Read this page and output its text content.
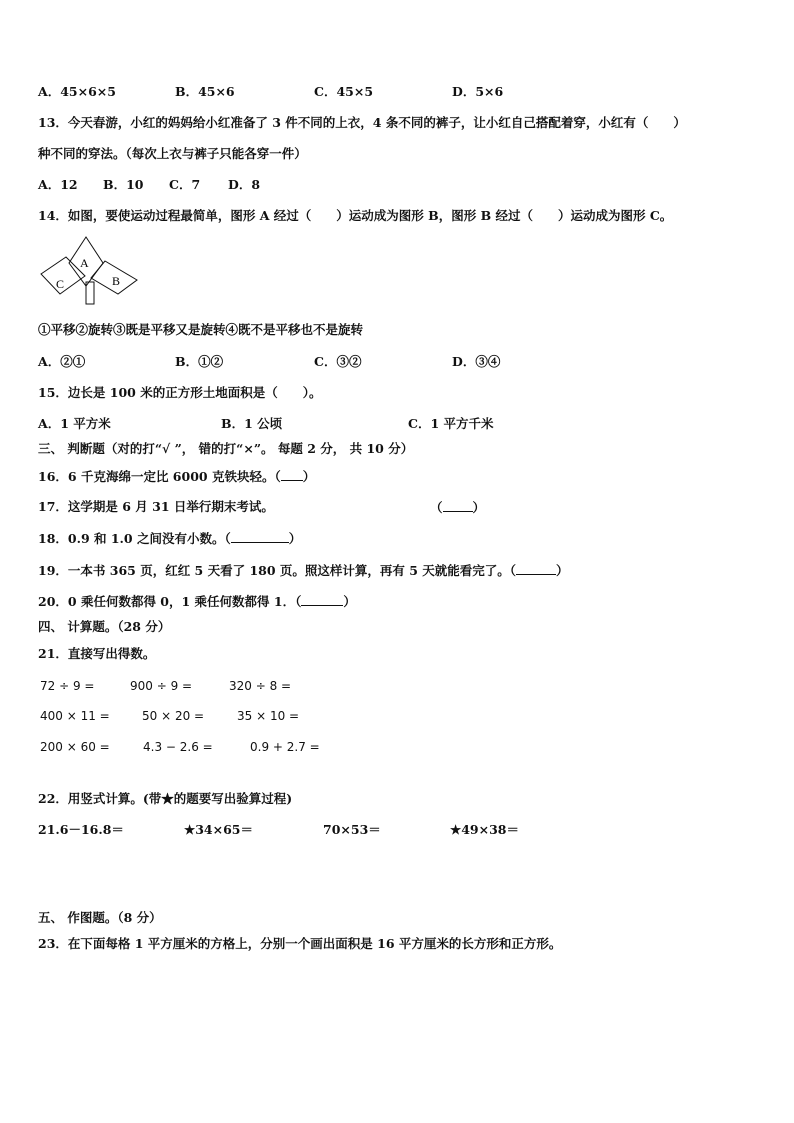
A．45×6×5	B．45×6	C．45×5	D．5×6
13．今天春游，小红的妈妈给小红准备了 3 件不同的上衣，4 条不同的裤子，让小红自己搭配着穿，小红有（　　）
种不同的穿法。（每次上衣与裤子只能各穿一件）
A．12 B．10 C．7 D．8
14．如图，要使运动过程最简单，图形 A 经过（　　）运动成为图形 B，图形 B 经过（　　）运动成为图形 C。
A
B
C
①平移②旋转③既是平移又是旋转④既不是平移也不是旋转
A．②①	B．①②	C．③②	D．③④
15．边长是 100 米的正方形土地面积是（　　）。
A．1 平方米	B．1 公顷	C．1 平方千米
三、 判断题（对的打“√ ”， 错的打“×”。 每题 2 分， 共 10 分）
16．6 千克海绵一定比 6000 克铁块轻。（ ）
17．这学期是 6 月 31 日举行期末考试。	（ ）
18．0.9 和 1.0 之间没有小数。（	）
19．一本书 365 页，红红 5 天看了 180 页。照这样计算，再有 5 天就能看完了。（	）
20．0 乘任何数都得 0，1 乘任何数都得 1．（	）
四、 计算题。（28 分）
21．直接写出得数。
72 ÷ 9 =	900 ÷ 9 =	320 ÷ 8 =
400 × 11 =	50 × 20 =	35 × 10 =
200 × 60 =	4.3 − 2.6 =	0.9 + 2.7 =
22．用竖式计算。(带★的题要写出验算过程)
21.6－16.8＝	★34×65＝	70×53＝	★49×38＝
五、 作图题。（8 分）
23．在下面每格 1 平方厘米的方格上，分别一个画出面积是 16 平方厘米的长方形和正方形。
